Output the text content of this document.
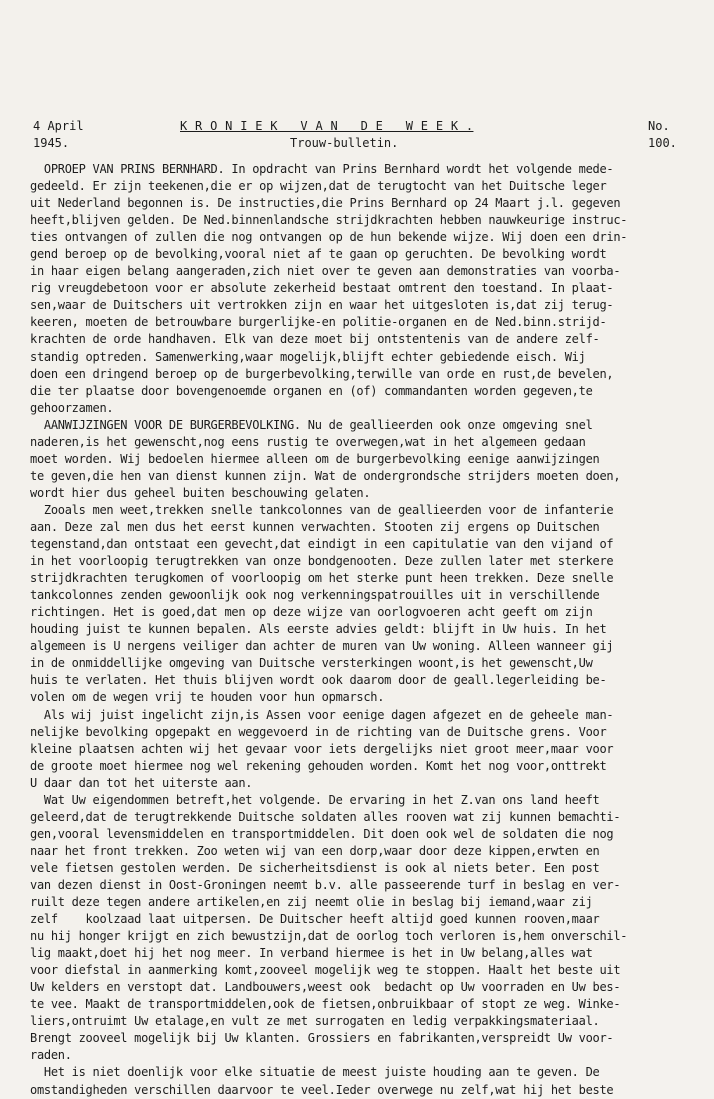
4 April
1945.
K R O N I E K   V A N   D E   W E E K .
Trouw-bulletin.
No.
100.
OPROEP VAN PRINS BERNHARD. In opdracht van Prins Bernhard wordt het volgende mede-
gedeeld. Er zijn teekenen,die er op wijzen,dat de terugtocht van het Duitsche leger
uit Nederland begonnen is. De instructies,die Prins Bernhard op 24 Maart j.l. gegeven
heeft,blijven gelden. De Ned.binnenlandsche strijdkrachten hebben nauwkeurige instruc-
ties ontvangen of zullen die nog ontvangen op de hun bekende wijze. Wij doen een drin-
gend beroep op de bevolking,vooral niet af te gaan op geruchten. De bevolking wordt
in haar eigen belang aangeraden,zich niet over te geven aan demonstraties van voorba-
rig vreugdebetoon voor er absolute zekerheid bestaat omtrent den toestand. In plaat-
sen,waar de Duitschers uit vertrokken zijn en waar het uitgesloten is,dat zij terug-
keeren, moeten de betrouwbare burgerlijke-en politie-organen en de Ned.binn.strijd-
krachten de orde handhaven. Elk van deze moet bij ontstentenis van de andere zelf-
standig optreden. Samenwerking,waar mogelijk,blijft echter gebiedende eisch. Wij
doen een dringend beroep op de burgerbevolking,terwille van orde en rust,de bevelen,
die ter plaatse door bovengenoemde organen en (of) commandanten worden gegeven,te
gehoorzamen.
AANWIJZINGEN VOOR DE BURGERBEVOLKING. Nu de geallieerden ook onze omgeving snel
naderen,is het gewenscht,nog eens rustig te overwegen,wat in het algemeen gedaan
moet worden. Wij bedoelen hiermee alleen om de burgerbevolking eenige aanwijzingen
te geven,die hen van dienst kunnen zijn. Wat de ondergrondsche strijders moeten doen,
wordt hier dus geheel buiten beschouwing gelaten.
Zooals men weet,trekken snelle tankcolonnes van de geallieerden voor de infanterie
aan. Deze zal men dus het eerst kunnen verwachten. Stooten zij ergens op Duitschen
tegenstand,dan ontstaat een gevecht,dat eindigt in een capitulatie van den vijand of
in het voorloopig terugtrekken van onze bondgenooten. Deze zullen later met sterkere
strijdkrachten terugkomen of voorloopig om het sterke punt heen trekken. Deze snelle
tankcolonnes zenden gewoonlijk ook nog verkenningspatrouilles uit in verschillende
richtingen. Het is goed,dat men op deze wijze van oorlogvoeren acht geeft om zijn
houding juist te kunnen bepalen. Als eerste advies geldt: blijft in Uw huis. In het
algemeen is U nergens veiliger dan achter de muren van Uw woning. Alleen wanneer gij
in de onmiddellijke omgeving van Duitsche versterkingen woont,is het gewenscht,Uw
huis te verlaten. Het thuis blijven wordt ook daarom door de geall.legerleiding be-
volen om de wegen vrij te houden voor hun opmarsch.
Als wij juist ingelicht zijn,is Assen voor eenige dagen afgezet en de geheele man-
nelijke bevolking opgepakt en weggevoerd in de richting van de Duitsche grens. Voor
kleine plaatsen achten wij het gevaar voor iets dergelijks niet groot meer,maar voor
de groote moet hiermee nog wel rekening gehouden worden. Komt het nog voor,onttrekt
U daar dan tot het uiterste aan.
Wat Uw eigendommen betreft,het volgende. De ervaring in het Z.van ons land heeft
geleerd,dat de terugtrekkende Duitsche soldaten alles rooven wat zij kunnen bemachti-
gen,vooral levensmiddelen en transportmiddelen. Dit doen ook wel de soldaten die nog
naar het front trekken. Zoo weten wij van een dorp,waar door deze kippen,erwten en
vele fietsen gestolen werden. De sicherheitsdienst is ook al niets beter. Een post
van dezen dienst in Oost-Groningen neemt b.v. alle passeerende turf in beslag en ver-
ruilt deze tegen andere artikelen,en zij neemt olie in beslag bij iemand,waar zij
zelf    koolzaad laat uitpersen. De Duitscher heeft altijd goed kunnen rooven,maar
nu hij honger krijgt en zich bewustzijn,dat de oorlog toch verloren is,hem onverschil-
lig maakt,doet hij het nog meer. In verband hiermee is het in Uw belang,alles wat
voor diefstal in aanmerking komt,zooveel mogelijk weg te stoppen. Haalt het beste uit
Uw kelders en verstopt dat. Landbouwers,weest ook  bedacht op Uw voorraden en Uw bes-
te vee. Maakt de transportmiddelen,ook de fietsen,onbruikbaar of stopt ze weg. Winke-
liers,ontruimt Uw etalage,en vult ze met surrogaten en ledig verpakkingsmateriaal.
Brengt zooveel mogelijk bij Uw klanten. Grossiers en fabrikanten,verspreidt Uw voor-
raden.
Het is niet doenlijk voor elke situatie de meest juiste houding aan te geven. De
omstandigheden verschillen daarvoor te veel.Ieder overwege nu zelf,wat hij het beste
